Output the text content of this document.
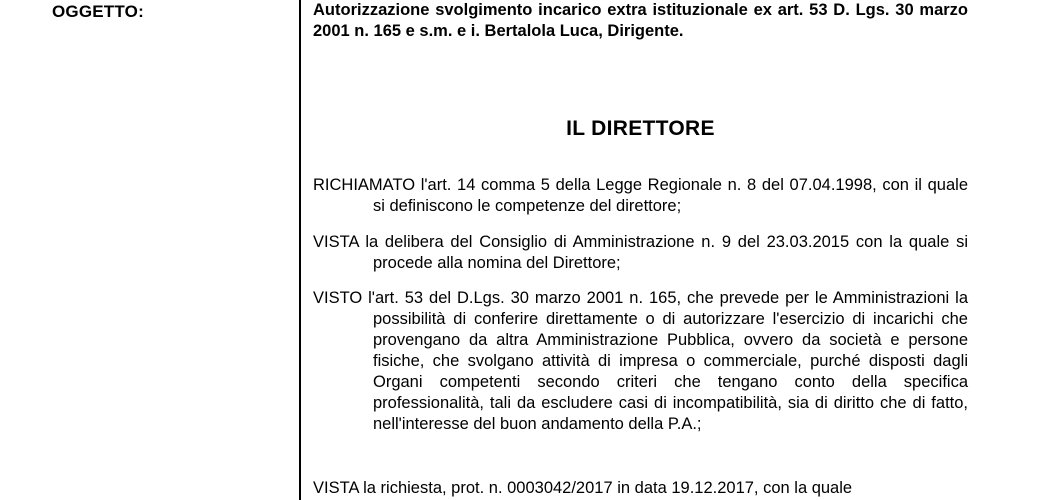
OGGETTO:	Autorizzazione svolgimento incarico extra istituzionale ex art. 53 D. Lgs. 30 marzo 2001 n. 165 e s.m. e i. Bertalola Luca, Dirigente.
IL DIRETTORE
RICHIAMATO l'art. 14 comma 5 della Legge Regionale n. 8 del 07.04.1998, con il quale si definiscono le competenze del direttore;
VISTA la delibera del Consiglio di Amministrazione n. 9 del 23.03.2015 con la quale si procede alla nomina del Direttore;
VISTO l'art. 53 del D.Lgs. 30 marzo 2001 n. 165, che prevede per le Amministrazioni la possibilità di conferire direttamente o di autorizzare l'esercizio di incarichi che provengano da altra Amministrazione Pubblica, ovvero da società e persone fisiche, che svolgano attività di impresa o commerciale, purché disposti dagli Organi competenti secondo criteri che tengano conto della specifica professionalità, tali da escludere casi di incompatibilità, sia di diritto che di fatto, nell'interesse del buon andamento della P.A.;
VISTA la richiesta, prot. n. 0003042/2017 in data 19.12.2017, con la quale
